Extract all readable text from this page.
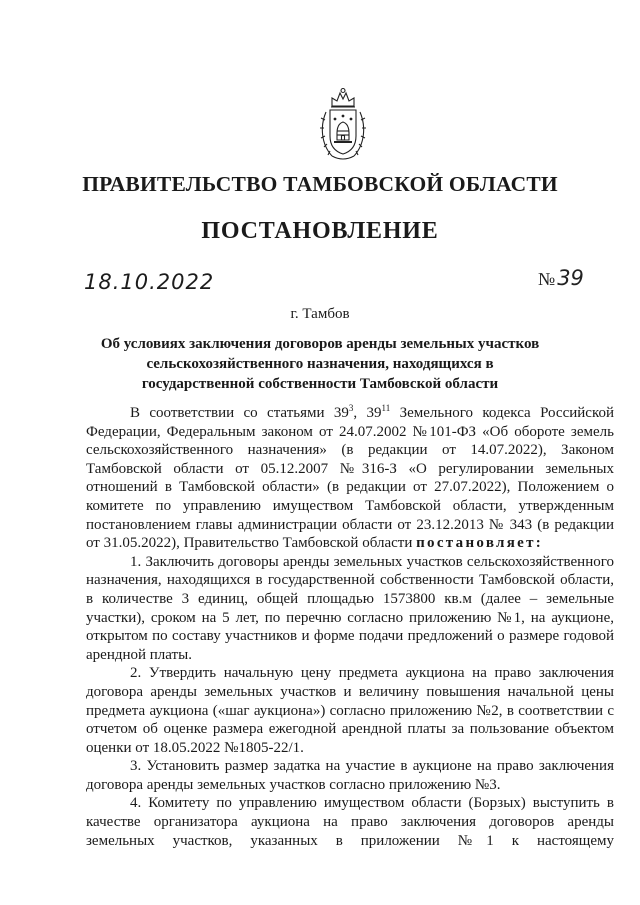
ПРАВИТЕЛЬСТВО ТАМБОВСКОЙ ОБЛАСТИ
ПОСТАНОВЛЕНИЕ
18.10.2022	№39
г. Тамбов
Об условиях заключения договоров аренды земельных участков сельскохозяйственного назначения, находящихся в государственной собственности Тамбовской области

В соответствии со статьями $39^3$, $39^{11}$ Земельного кодекса Российской Федерации, Федеральным законом от 24.07.2002 №101-ФЗ «Об обороте земель сельскохозяйственного назначения» (в редакции от 14.07.2022), Законом Тамбовской области от 05.12.2007 №316-З «О регулировании земельных отношений в Тамбовской области» (в редакции от 27.07.2022), Положением о комитете по управлению имуществом Тамбовской области, утвержденным постановлением главы администрации области от 23.12.2013 № 343 (в редакции от 31.05.2022), Правительство Тамбовской области постановляет:

1. Заключить договоры аренды земельных участков сельскохозяйственного назначения, находящихся в государственной собственности Тамбовской области, в количестве 3 единиц, общей площадью 1573800 кв.м (далее – земельные участки), сроком на 5 лет, по перечню согласно приложению №1, на аукционе, открытом по составу участников и форме подачи предложений о размере годовой арендной платы.

2. Утвердить начальную цену предмета аукциона на право заключения договора аренды земельных участков и величину повышения начальной цены предмета аукциона («шаг аукциона») согласно приложению №2, в соответствии с отчетом об оценке размера ежегодной арендной платы за пользование объектом оценки от 18.05.2022 №1805-22/1.

3. Установить размер задатка на участие в аукционе на право заключения договора аренды земельных участков согласно приложению №3.

4. Комитету по управлению имуществом области (Борзых) выступить в качестве организатора аукциона на право заключения договоров аренды земельных участков, указанных в приложении №1 к настоящему
